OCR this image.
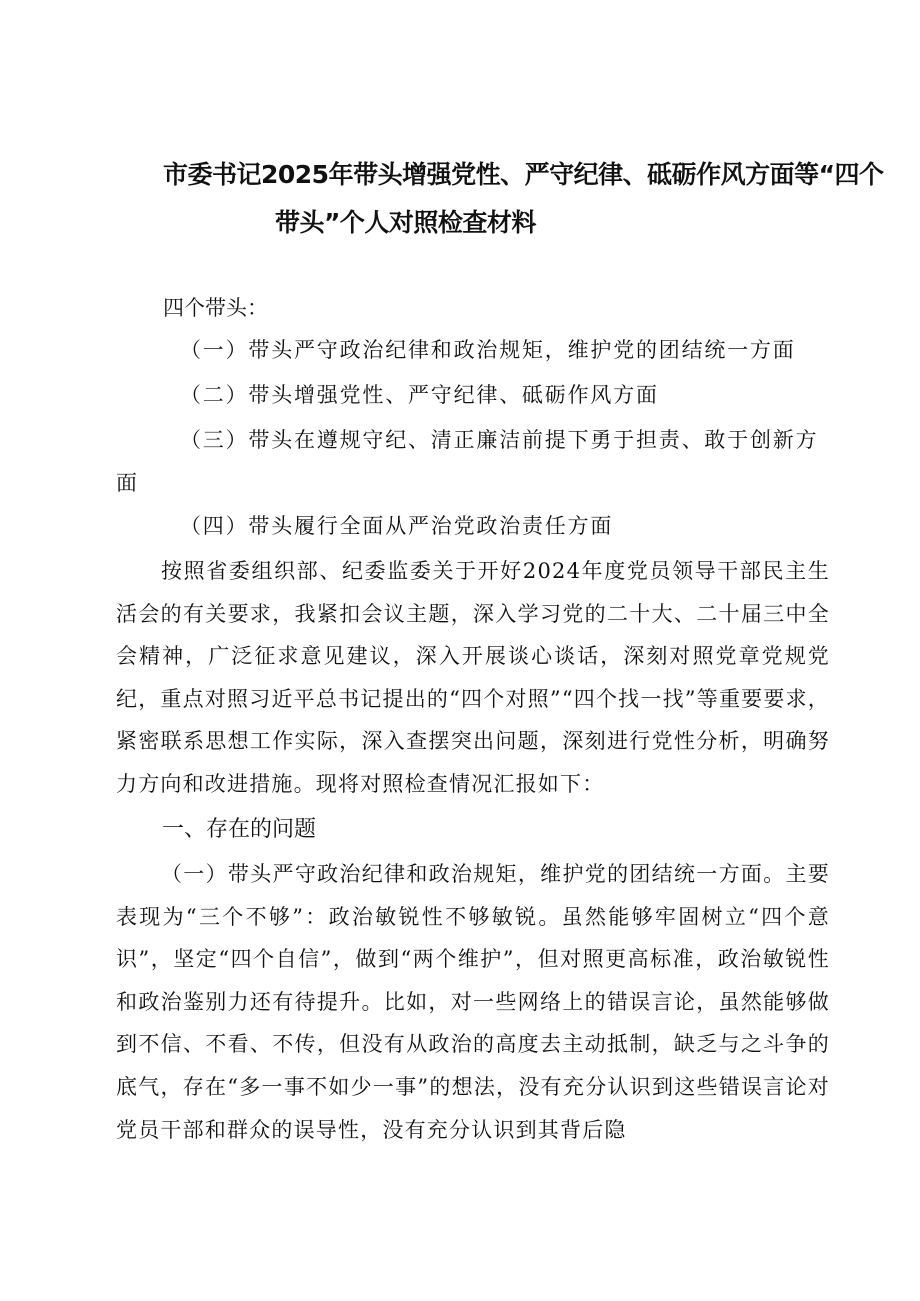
市委书记2025年带头增强党性、严守纪律、砥砺作风方面等“四个
带头”个人对照检查材料
四个带头：
（一）带头严守政治纪律和政治规矩，维护党的团结统一方面
（二）带头增强党性、严守纪律、砥砺作风方面
（三）带头在遵规守纪、清正廉洁前提下勇于担责、敢于创新方
面
（四）带头履行全面从严治党政治责任方面
按照省委组织部、纪委监委关于开好2024年度党员领导干部民主生活会的有关要求，我紧扣会议主题，深入学习党的二十大、二十届三中全会精神，广泛征求意见建议，深入开展谈心谈话，深刻对照党章党规党纪，重点对照习近平总书记提出的“四个对照”“四个找一找”等重要要求，紧密联系思想工作实际，深入查摆突出问题，深刻进行党性分析，明确努力方向和改进措施。现将对照检查情况汇报如下：
一、存在的问题
（一）带头严守政治纪律和政治规矩，维护党的团结统一方面。主要表现为“三个不够”：政治敏锐性不够敏锐。虽然能够牢固树立“四个意识”，坚定“四个自信”，做到“两个维护”，但对照更高标准，政治敏锐性和政治鉴别力还有待提升。比如，对一些网络上的错误言论，虽然能够做到不信、不看、不传，但没有从政治的高度去主动抵制，缺乏与之斗争的底气，存在“多一事不如少一事”的想法，没有充分认识到这些错误言论对党员干部和群众的误导性，没有充分认识到其背后隐
